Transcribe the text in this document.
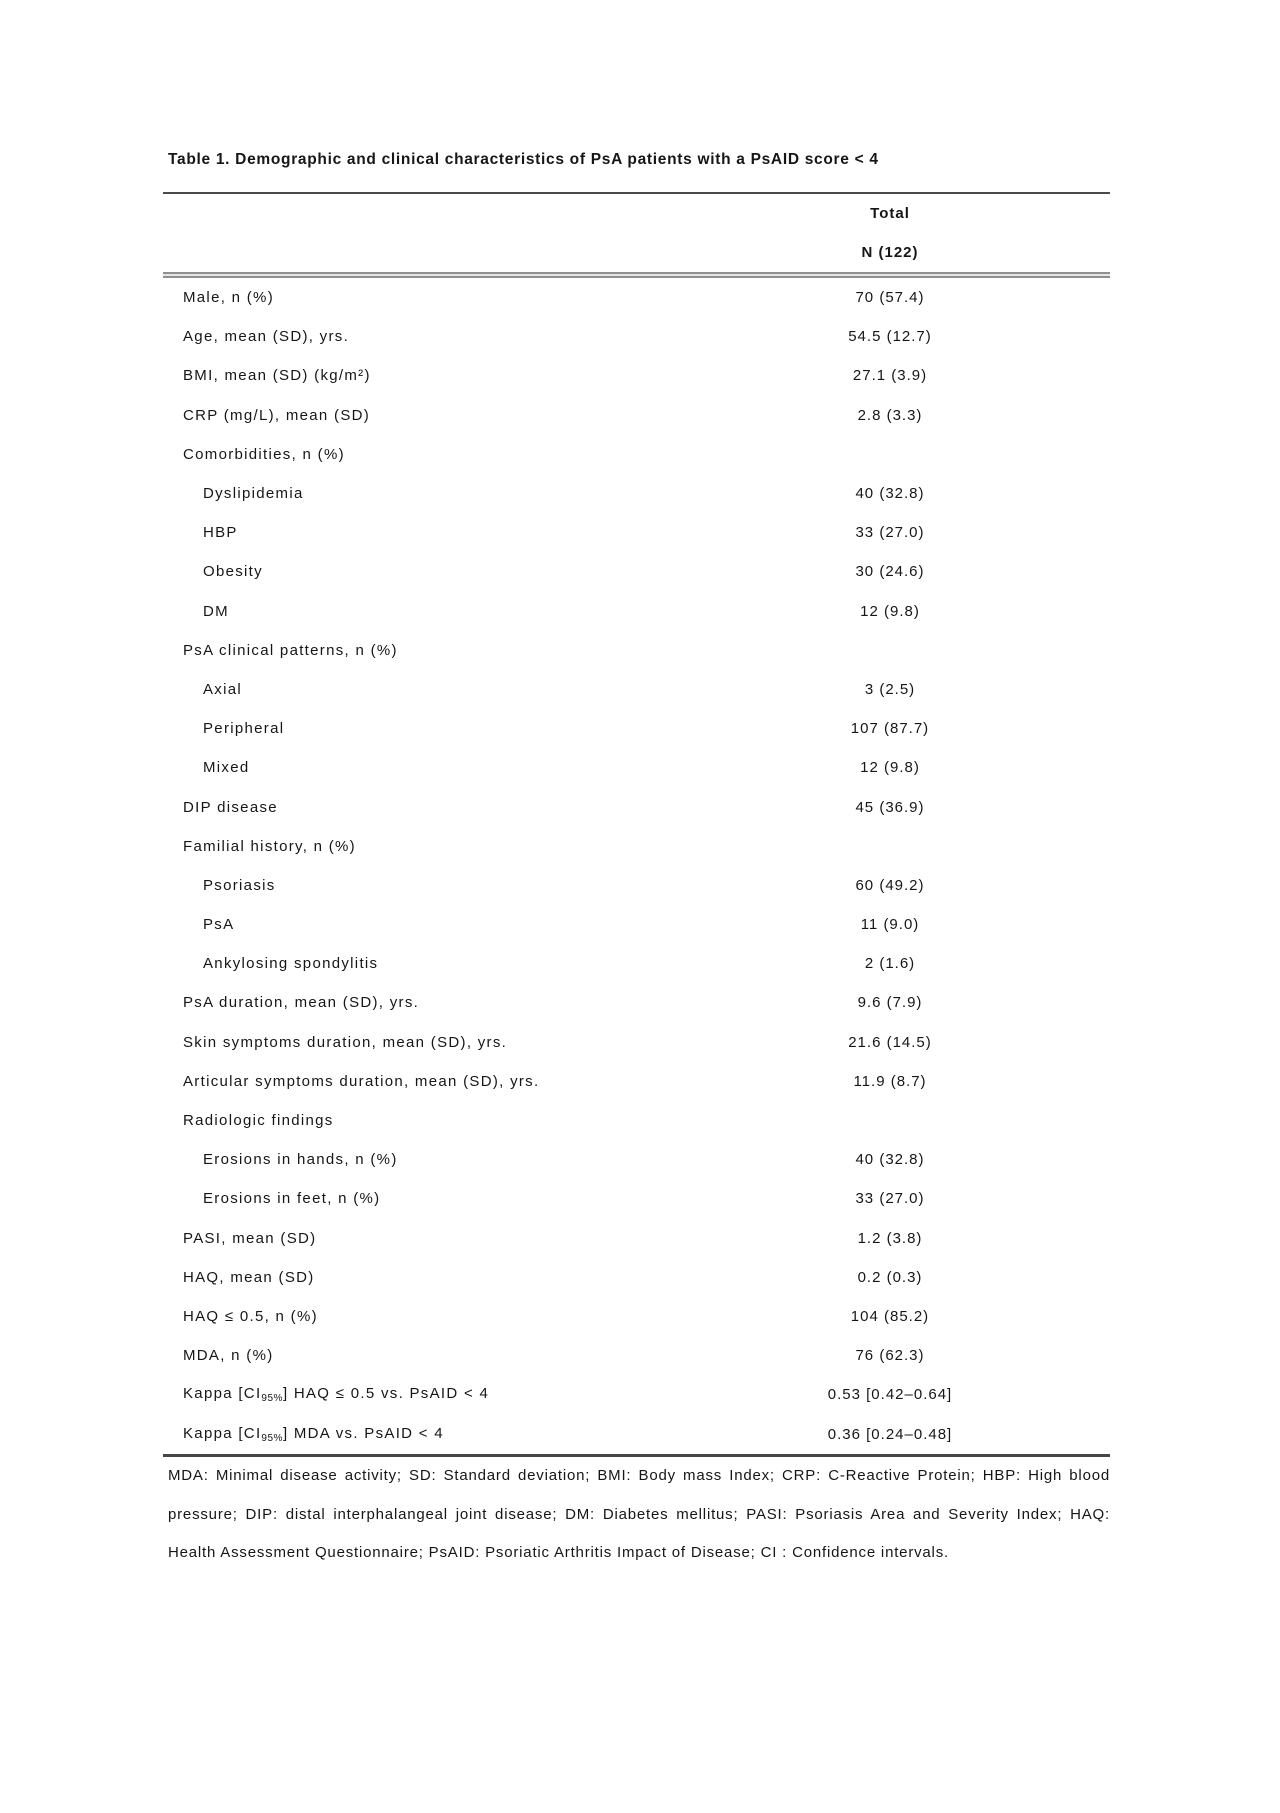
Table 1. Demographic and clinical characteristics of PsA patients with a PsAID score < 4
Total
N (122)
Male, n (%)	70 (57.4)
Age, mean (SD), yrs.	54.5 (12.7)
BMI, mean (SD) (kg/m²)	27.1 (3.9)
CRP (mg/L), mean (SD)	2.8 (3.3)
Comorbidities, n (%)
Dyslipidemia	40 (32.8)
HBP	33 (27.0)
Obesity	30 (24.6)
DM	12 (9.8)
PsA clinical patterns, n (%)
Axial	3 (2.5)
Peripheral	107 (87.7)
Mixed	12 (9.8)
DIP disease	45 (36.9)
Familial history, n (%)
Psoriasis	60 (49.2)
PsA	11 (9.0)
Ankylosing spondylitis	2 (1.6)
PsA duration, mean (SD), yrs.	9.6 (7.9)
Skin symptoms duration, mean (SD), yrs.	21.6 (14.5)
Articular symptoms duration, mean (SD), yrs.	11.9 (8.7)
Radiologic findings
Erosions in hands, n (%)	40 (32.8)
Erosions in feet, n (%)	33 (27.0)
PASI, mean (SD)	1.2 (3.8)
HAQ, mean (SD)	0.2 (0.3)
HAQ ≤ 0.5, n (%)	104 (85.2)
MDA, n (%)	76 (62.3)
Kappa $[CI_{95\%}]$ HAQ ≤ 0.5 vs. PsAID < 4	0.53 [0.42–0.64]
Kappa $[CI_{95\%}]$ MDA vs. PsAID < 4	0.36 [0.24–0.48]
MDA: Minimal disease activity; SD: Standard deviation; BMI: Body mass Index; CRP: C-Reactive Protein; HBP: High blood pressure; DIP: distal interphalangeal joint disease; DM: Diabetes mellitus; PASI: Psoriasis Area and Severity Index; HAQ: Health Assessment Questionnaire; PsAID: Psoriatic Arthritis Impact of Disease; CI : Confidence intervals.
